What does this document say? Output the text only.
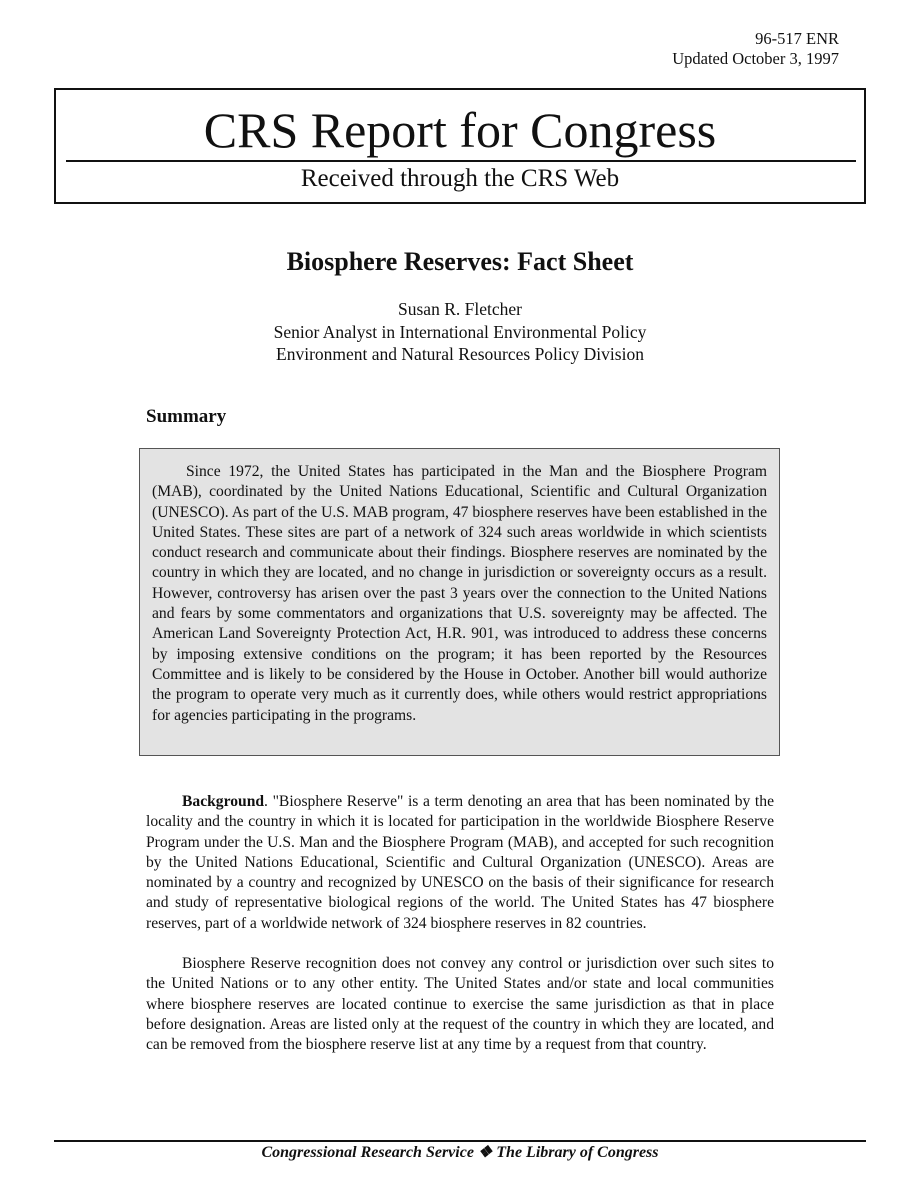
96-517 ENR
Updated October 3, 1997
CRS Report for Congress
Received through the CRS Web
Biosphere Reserves: Fact Sheet
Susan R. Fletcher
Senior Analyst in International Environmental Policy
Environment and Natural Resources Policy Division
Summary

Since 1972, the United States has participated in the Man and the Biosphere Program (MAB), coordinated by the United Nations Educational, Scientific and Cultural Organization (UNESCO). As part of the U.S. MAB program, 47 biosphere reserves have been established in the United States. These sites are part of a network of 324 such areas worldwide in which scientists conduct research and communicate about their findings. Biosphere reserves are nominated by the country in which they are located, and no change in jurisdiction or sovereignty occurs as a result. However, controversy has arisen over the past 3 years over the connection to the United Nations and fears by some commentators and organizations that U.S. sovereignty may be affected. The American Land Sovereignty Protection Act, H.R. 901, was introduced to address these concerns by imposing extensive conditions on the program; it has been reported by the Resources Committee and is likely to be considered by the House in October. Another bill would authorize the program to operate very much as it currently does, while others would restrict appropriations for agencies participating in the programs.

Background. "Biosphere Reserve" is a term denoting an area that has been nominated by the locality and the country in which it is located for participation in the worldwide Biosphere Reserve Program under the U.S. Man and the Biosphere Program (MAB), and accepted for such recognition by the United Nations Educational, Scientific and Cultural Organization (UNESCO). Areas are nominated by a country and recognized by UNESCO on the basis of their significance for research and study of representative biological regions of the world. The United States has 47 biosphere reserves, part of a worldwide network of 324 biosphere reserves in 82 countries.

Biosphere Reserve recognition does not convey any control or jurisdiction over such sites to the United Nations or to any other entity. The United States and/or state and local communities where biosphere reserves are located continue to exercise the same jurisdiction as that in place before designation. Areas are listed only at the request of the country in which they are located, and can be removed from the biosphere reserve list at any time by a request from that country.

Congressional Research Service ❖ The Library of Congress
